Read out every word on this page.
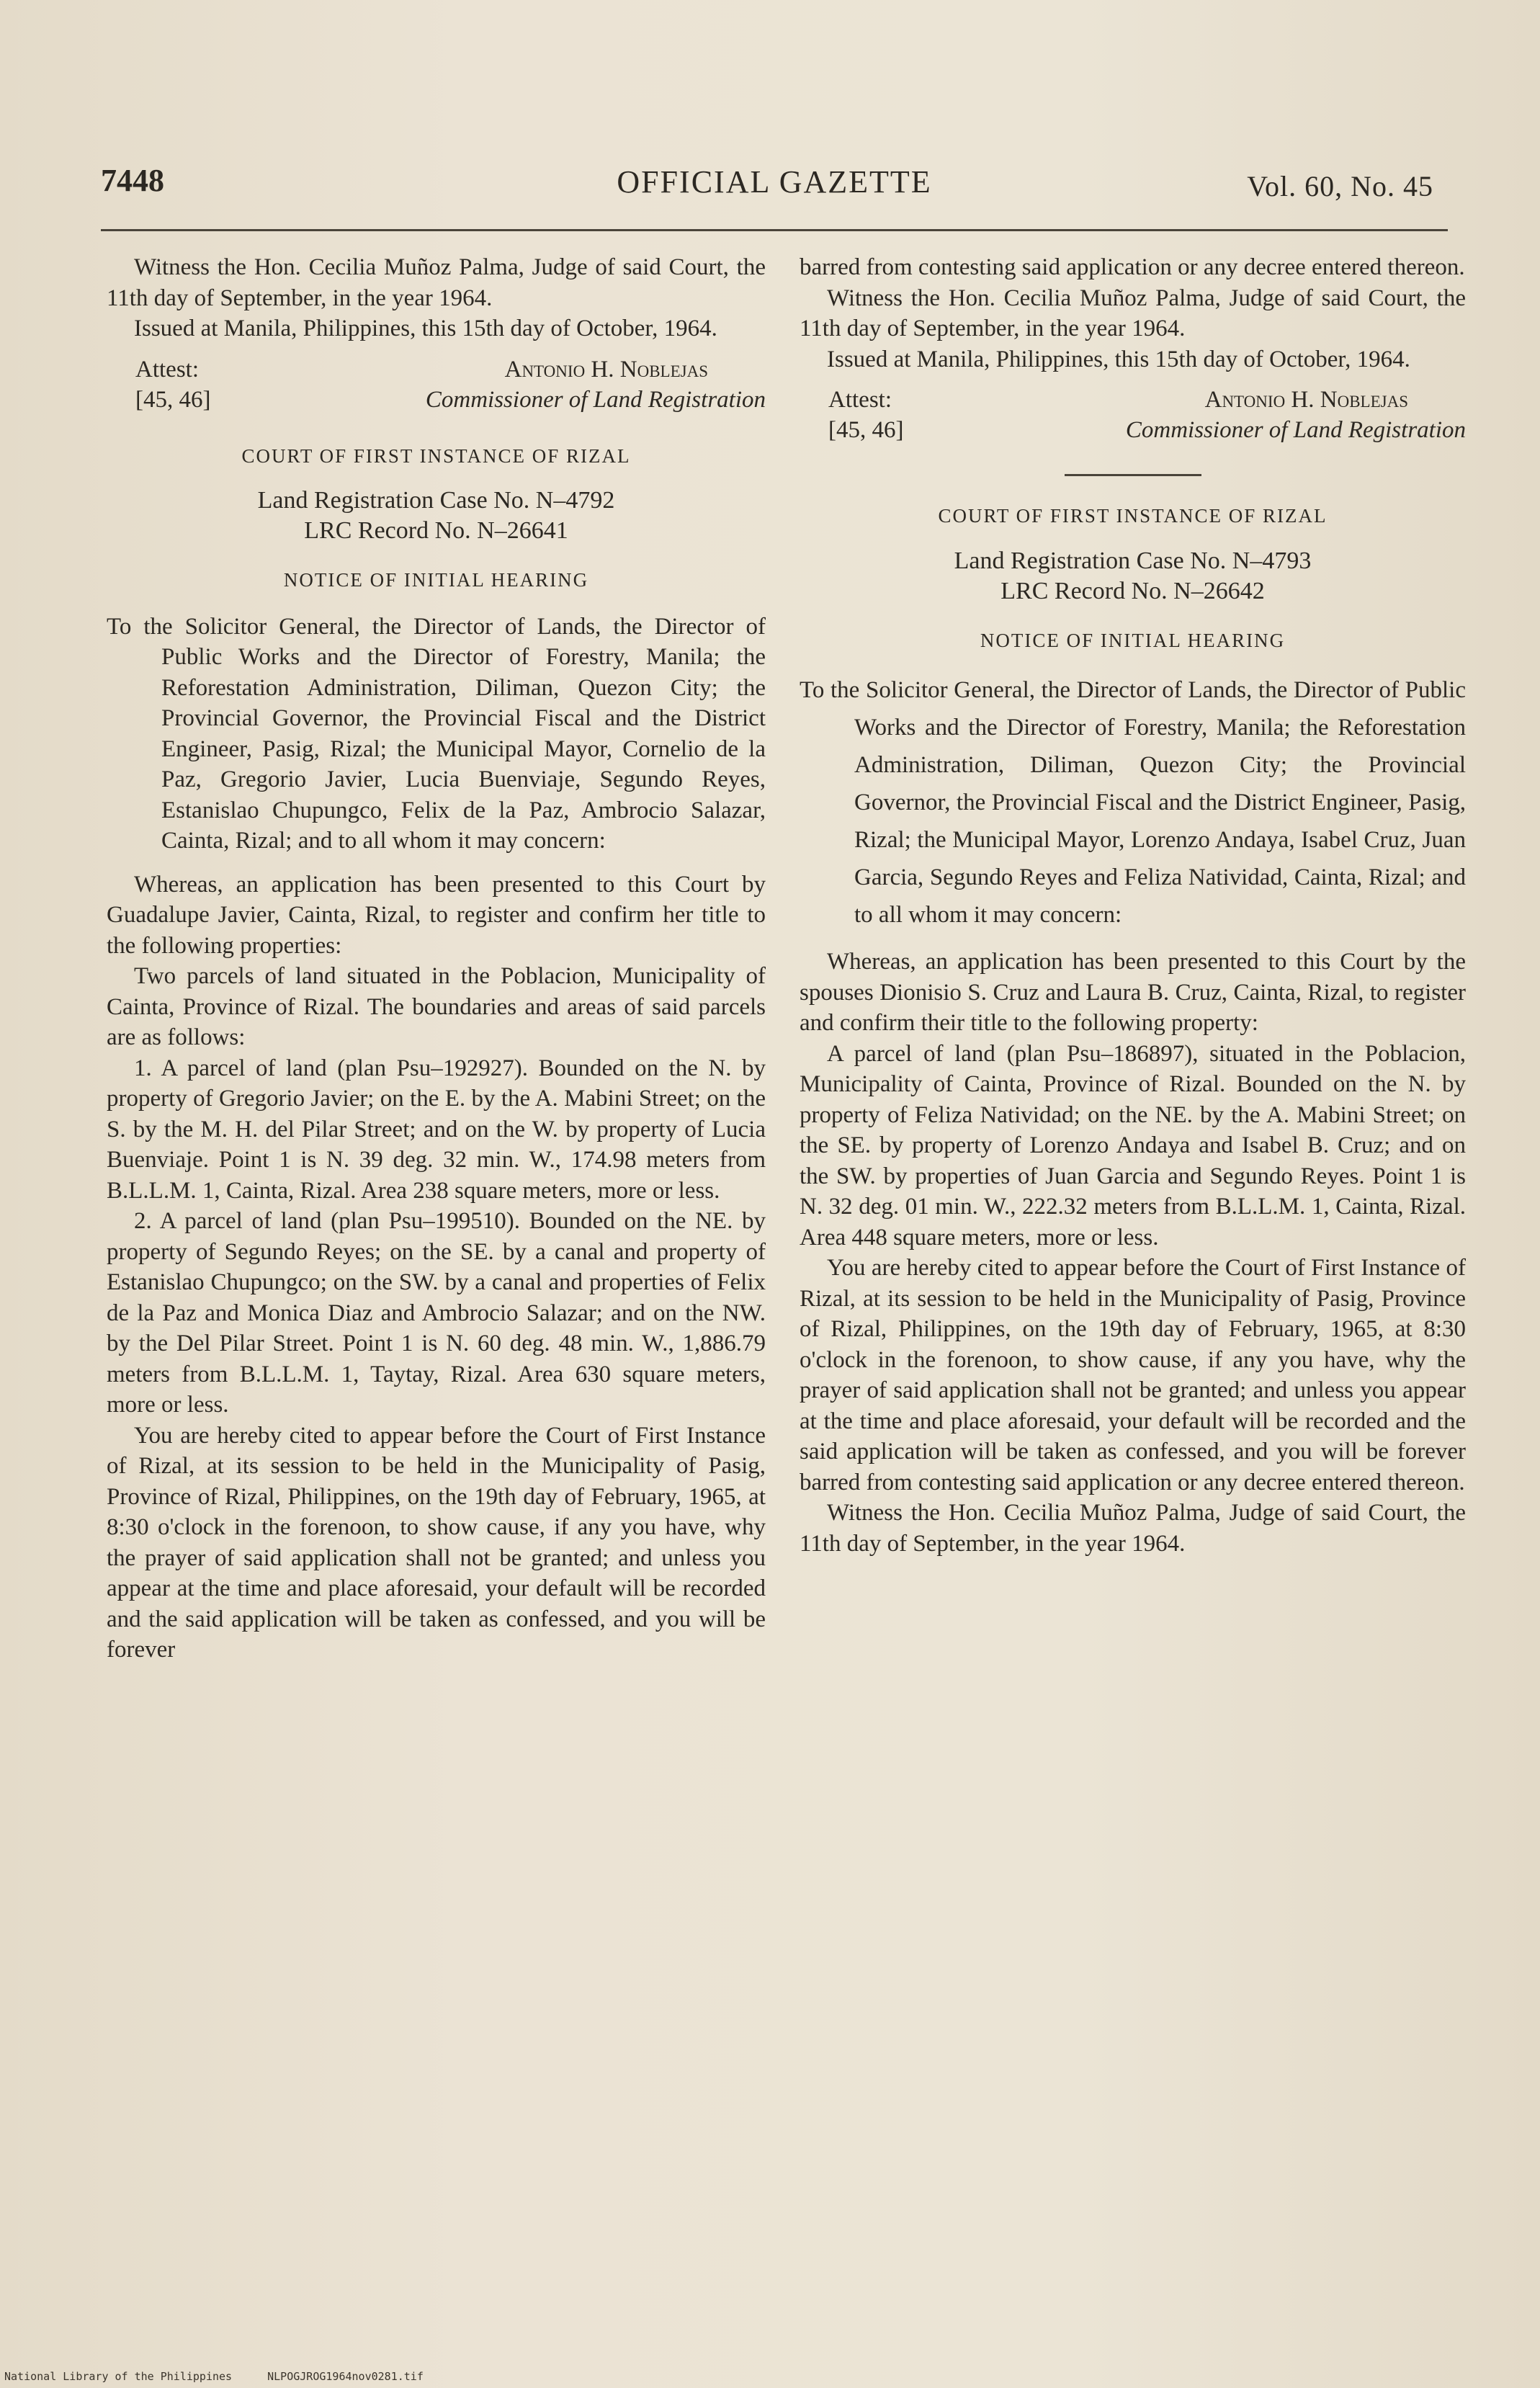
7448	OFFICIAL GAZETTE	Vol. 60, No. 45

Witness the Hon. Cecilia Muñoz Palma, Judge of said Court, the 11th day of September, in the year 1964.

Issued at Manila, Philippines, this 15th day of October, 1964.

Attest:
[45, 46]
Antonio H. Noblejas
Commissioner of Land Registration
COURT OF FIRST INSTANCE OF RIZAL
Land Registration Case No. N–4792
LRC Record No. N–26641
NOTICE OF INITIAL HEARING

To the Solicitor General, the Director of Lands, the Director of Public Works and the Director of Forestry, Manila; the Reforestation Administration, Diliman, Quezon City; the Provincial Governor, the Provincial Fiscal and the District Engineer, Pasig, Rizal; the Municipal Mayor, Cornelio de la Paz, Gregorio Javier, Lucia Buenviaje, Segundo Reyes, Estanislao Chupungco, Felix de la Paz, Ambrocio Salazar, Cainta, Rizal; and to all whom it may concern:

Whereas, an application has been presented to this Court by Guadalupe Javier, Cainta, Rizal, to register and confirm her title to the following properties:

Two parcels of land situated in the Poblacion, Municipality of Cainta, Province of Rizal. The boundaries and areas of said parcels are as follows:

1. A parcel of land (plan Psu–192927). Bounded on the N. by property of Gregorio Javier; on the E. by the A. Mabini Street; on the S. by the M. H. del Pilar Street; and on the W. by property of Lucia Buenviaje. Point 1 is N. 39 deg. 32 min. W., 174.98 meters from B.L.L.M. 1, Cainta, Rizal. Area 238 square meters, more or less.

2. A parcel of land (plan Psu–199510). Bounded on the NE. by property of Segundo Reyes; on the SE. by a canal and property of Estanislao Chupungco; on the SW. by a canal and properties of Felix de la Paz and Monica Diaz and Ambrocio Salazar; and on the NW. by the Del Pilar Street. Point 1 is N. 60 deg. 48 min. W., 1,886.79 meters from B.L.L.M. 1, Taytay, Rizal. Area 630 square meters, more or less.

You are hereby cited to appear before the Court of First Instance of Rizal, at its session to be held in the Municipality of Pasig, Province of Rizal, Philippines, on the 19th day of February, 1965, at 8:30 o'clock in the forenoon, to show cause, if any you have, why the prayer of said application shall not be granted; and unless you appear at the time and place aforesaid, your default will be recorded and the said application will be taken as confessed, and you will be forever

barred from contesting said application or any decree entered thereon.

Witness the Hon. Cecilia Muñoz Palma, Judge of said Court, the 11th day of September, in the year 1964.

Issued at Manila, Philippines, this 15th day of October, 1964.

Attest:
[45, 46]
Antonio H. Noblejas
Commissioner of Land Registration
COURT OF FIRST INSTANCE OF RIZAL
Land Registration Case No. N–4793
LRC Record No. N–26642
NOTICE OF INITIAL HEARING

To the Solicitor General, the Director of Lands, the Director of Public Works and the Director of Forestry, Manila; the Reforestation Administration, Diliman, Quezon City; the Provincial Governor, the Provincial Fiscal and the District Engineer, Pasig, Rizal; the Municipal Mayor, Lorenzo Andaya, Isabel Cruz, Juan Garcia, Segundo Reyes and Feliza Natividad, Cainta, Rizal; and to all whom it may concern:

Whereas, an application has been presented to this Court by the spouses Dionisio S. Cruz and Laura B. Cruz, Cainta, Rizal, to register and confirm their title to the following property:

A parcel of land (plan Psu–186897), situated in the Poblacion, Municipality of Cainta, Province of Rizal. Bounded on the N. by property of Feliza Natividad; on the NE. by the A. Mabini Street; on the SE. by property of Lorenzo Andaya and Isabel B. Cruz; and on the SW. by properties of Juan Garcia and Segundo Reyes. Point 1 is N. 32 deg. 01 min. W., 222.32 meters from B.L.L.M. 1, Cainta, Rizal. Area 448 square meters, more or less.

You are hereby cited to appear before the Court of First Instance of Rizal, at its session to be held in the Municipality of Pasig, Province of Rizal, Philippines, on the 19th day of February, 1965, at 8:30 o'clock in the forenoon, to show cause, if any you have, why the prayer of said application shall not be granted; and unless you appear at the time and place aforesaid, your default will be recorded and the said application will be taken as confessed, and you will be forever barred from contesting said application or any decree entered thereon.

Witness the Hon. Cecilia Muñoz Palma, Judge of said Court, the 11th day of September, in the year 1964.

National Library of the Philippines	NLPOGJROG1964nov0281.tif
